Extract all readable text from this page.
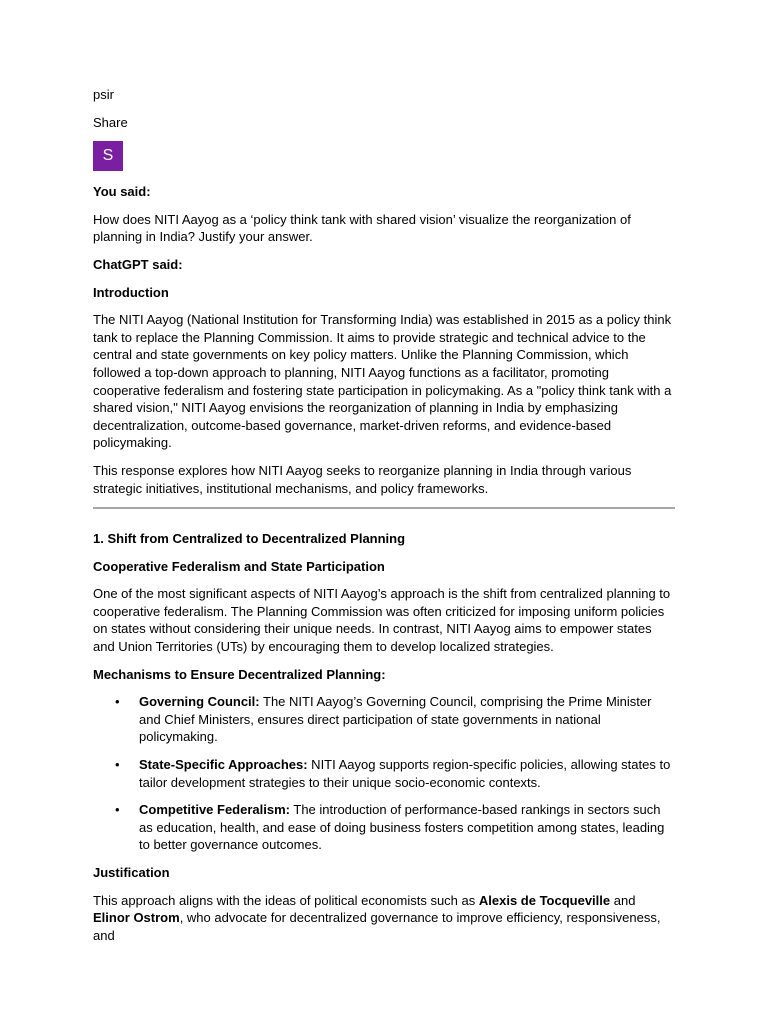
psir

Share

S

You said:

How does NITI Aayog as a ‘policy think tank with shared vision’ visualize the reorganization of planning in India? Justify your answer.

ChatGPT said:

Introduction

The NITI Aayog (National Institution for Transforming India) was established in 2015 as a policy think tank to replace the Planning Commission. It aims to provide strategic and technical advice to the central and state governments on key policy matters. Unlike the Planning Commission, which followed a top-down approach to planning, NITI Aayog functions as a facilitator, promoting cooperative federalism and fostering state participation in policymaking. As a "policy think tank with a shared vision," NITI Aayog envisions the reorganization of planning in India by emphasizing decentralization, outcome-based governance, market-driven reforms, and evidence-based policymaking.

This response explores how NITI Aayog seeks to reorganize planning in India through various strategic initiatives, institutional mechanisms, and policy frameworks.

1. Shift from Centralized to Decentralized Planning

Cooperative Federalism and State Participation

One of the most significant aspects of NITI Aayog’s approach is the shift from centralized planning to cooperative federalism. The Planning Commission was often criticized for imposing uniform policies on states without considering their unique needs. In contrast, NITI Aayog aims to empower states and Union Territories (UTs) by encouraging them to develop localized strategies.

Mechanisms to Ensure Decentralized Planning:

• Governing Council: The NITI Aayog’s Governing Council, comprising the Prime Minister and Chief Ministers, ensures direct participation of state governments in national policymaking.
• State-Specific Approaches: NITI Aayog supports region-specific policies, allowing states to tailor development strategies to their unique socio-economic contexts.
• Competitive Federalism: The introduction of performance-based rankings in sectors such as education, health, and ease of doing business fosters competition among states, leading to better governance outcomes.

Justification

This approach aligns with the ideas of political economists such as Alexis de Tocqueville and Elinor Ostrom, who advocate for decentralized governance to improve efficiency, responsiveness, and
